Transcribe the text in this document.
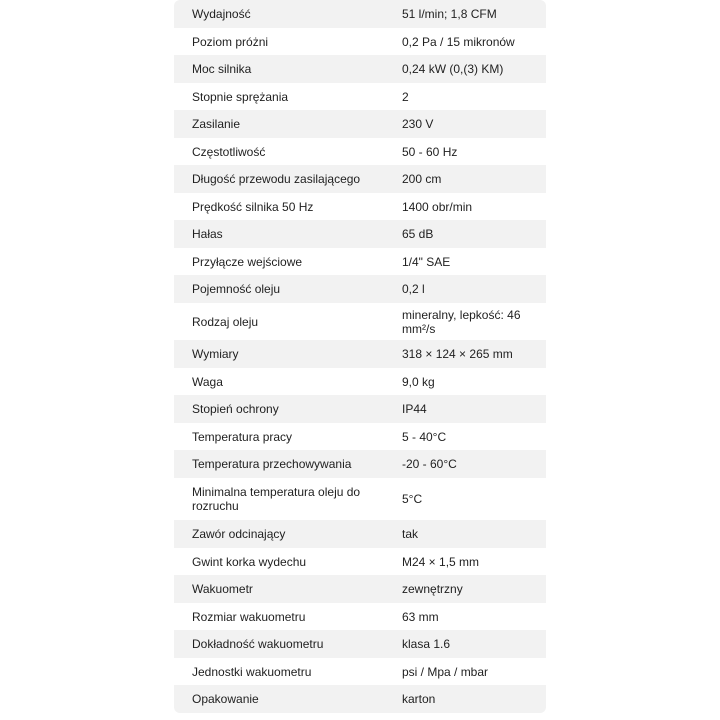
Wydajność	51 l/min; 1,8 CFM
Poziom próżni	0,2 Pa / 15 mikronów
Moc silnika	0,24 kW (0,(3) KM)
Stopnie sprężania	2
Zasilanie	230 V
Częstotliwość	50 - 60 Hz
Długość przewodu zasilającego	200 cm
Prędkość silnika 50 Hz	1400 obr/min
Hałas	65 dB
Przyłącze wejściowe	1/4" SAE
Pojemność oleju	0,2 l
Rodzaj oleju	mineralny, lepkość: 46 mm²/s
Wymiary	318 × 124 × 265 mm
Waga	9,0 kg
Stopień ochrony	IP44
Temperatura pracy	5 - 40°C
Temperatura przechowywania	-20 - 60°C
Minimalna temperatura oleju do rozruchu	5°C
Zawór odcinający	tak
Gwint korka wydechu	M24 × 1,5 mm
Wakuometr	zewnętrzny
Rozmiar wakuometru	63 mm
Dokładność wakuometru	klasa 1.6
Jednostki wakuometru	psi / Mpa / mbar
Opakowanie	karton
